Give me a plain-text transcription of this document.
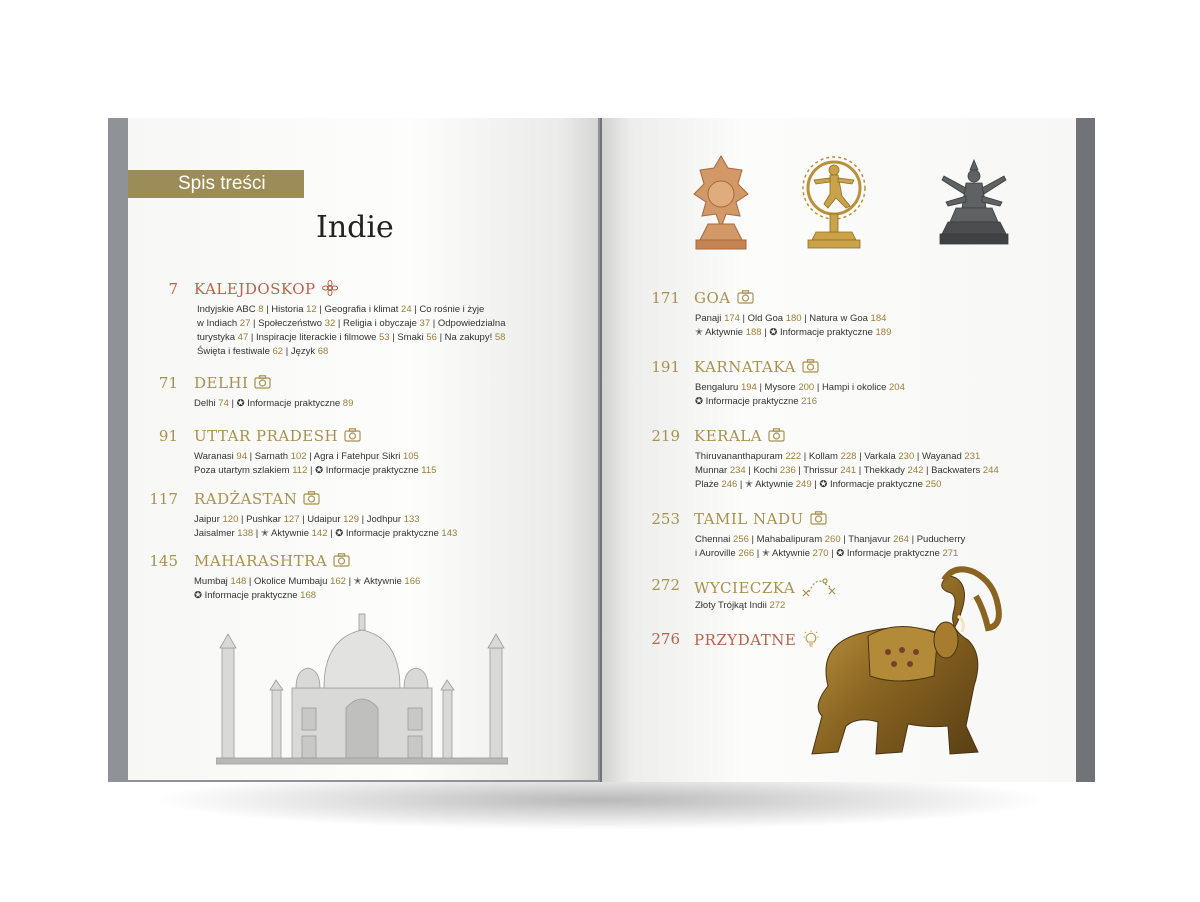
Spis treści
Indie
7 KALEJDOSKOP
Indyjskie ABC 8 | Historia 12 | Geografia i klimat 24 | Co rośnie i żyje
w Indiach 27 | Społeczeństwo 32 | Religia i obyczaje 37 | Odpowiedzialna
turystyka 47 | Inspiracje literackie i filmowe 53 | Smaki 56 | Na zakupy! 58
Święta i festiwale 62 | Język 68
71 DELHI
Delhi 74 | ✪ Informacje praktyczne 89
91 UTTAR PRADESH
Waranasi 94 | Sarnath 102 | Agra i Fatehpur Sikri 105
Poza utartym szlakiem 112 | ✪ Informacje praktyczne 115
117 RADŻASTAN
Jaipur 120 | Pushkar 127 | Udaipur 129 | Jodhpur 133
Jaisalmer 138 | ✭ Aktywnie 142 | ✪ Informacje praktyczne 143
145 MAHARASHTRA
Mumbaj 148 | Okolice Mumbaju 162 | ✭ Aktywnie 166
✪ Informacje praktyczne 168
171 GOA
Panaji 174 | Old Goa 180 | Natura w Goa 184
✭ Aktywnie 188 | ✪ Informacje praktyczne 189
191 KARNATAKA
Bengaluru 194 | Mysore 200 | Hampi i okolice 204
✪ Informacje praktyczne 216
219 KERALA
Thiruvananthapuram 222 | Kollam 228 | Varkala 230 | Wayanad 231
Munnar 234 | Kochi 236 | Thrissur 241 | Thekkady 242 | Backwaters 244
Plaże 246 | ✭ Aktywnie 249 | ✪ Informacje praktyczne 250
253 TAMIL NADU
Chennai 256 | Mahabalipuram 260 | Thanjavur 264 | Puducherry
i Auroville 266 | ✭ Aktywnie 270 | ✪ Informacje praktyczne 271
272 WYCIECZKA
Złoty Trójkąt Indii 272
276 PRZYDATNE
